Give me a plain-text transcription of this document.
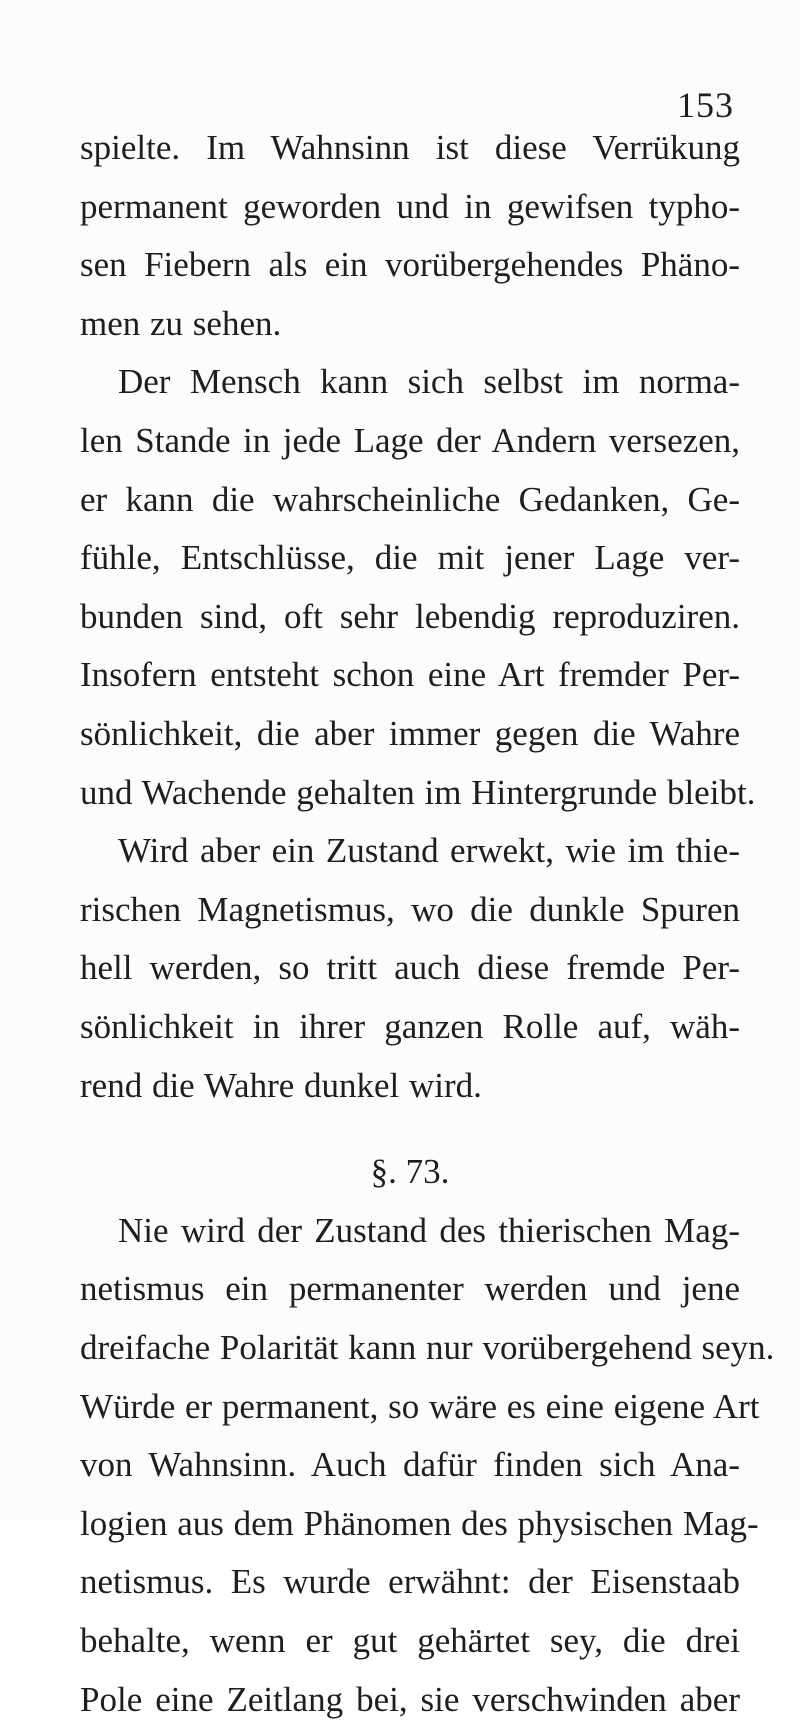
153
spielte. Im Wahnsinn ist diese Verrükung
permanent geworden und in gewifsen typho-
sen Fiebern als ein vorübergehendes Phäno-
men zu sehen.
Der Mensch kann sich selbst im norma-
len Stande in jede Lage der Andern versezen,
er kann die wahrscheinliche Gedanken, Ge-
fühle, Entschlüsse, die mit jener Lage ver-
bunden sind, oft sehr lebendig reproduziren.
Insofern entsteht schon eine Art fremder Per-
sönlichkeit, die aber immer gegen die Wahre
und Wachende gehalten im Hintergrunde bleibt.
Wird aber ein Zustand erwekt, wie im thie-
rischen Magnetismus, wo die dunkle Spuren
hell werden, so tritt auch diese fremde Per-
sönlichkeit in ihrer ganzen Rolle auf, wäh-
rend die Wahre dunkel wird.
§. 73.
Nie wird der Zustand des thierischen Mag-
netismus ein permanenter werden und jene
dreifache Polarität kann nur vorübergehend seyn.
Würde er permanent, so wäre es eine eigene Art
von Wahnsinn. Auch dafür finden sich Ana-
logien aus dem Phänomen des physischen Mag-
netismus. Es wurde erwähnt: der Eisenstaab
behalte, wenn er gut gehärtet sey, die drei
Pole eine Zeitlang bei, sie verschwinden aber
